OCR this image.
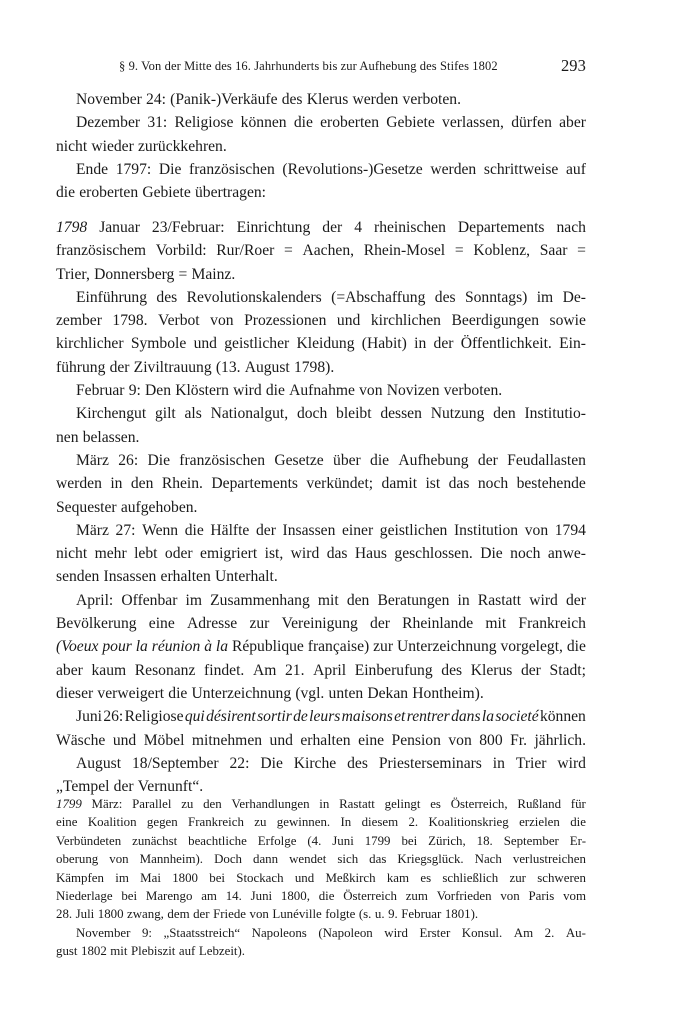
§ 9. Von der Mitte des 16. Jahrhunderts bis zur Aufhebung des Stifes 1802	293
November 24: (Panik-)Verkäufe des Klerus werden verboten.
Dezember 31: Religiose können die eroberten Gebiete verlassen, dürfen aber
nicht wieder zurückkehren.
Ende 1797: Die französischen (Revolutions-)Gesetze werden schrittweise auf
die eroberten Gebiete übertragen:
1798 Januar 23/Februar: Einrichtung der 4 rheinischen Departements nach
französischem Vorbild: Rur/Roer = Aachen, Rhein-Mosel = Koblenz, Saar =
Trier, Donnersberg = Mainz.
Einführung des Revolutionskalenders (=Abschaffung des Sonntags) im De-
zember 1798. Verbot von Prozessionen und kirchlichen Beerdigungen sowie
kirchlicher Symbole und geistlicher Kleidung (Habit) in der Öffentlichkeit. Ein-
führung der Ziviltrauung (13. August 1798).
Februar 9: Den Klöstern wird die Aufnahme von Novizen verboten.
Kirchengut gilt als Nationalgut, doch bleibt dessen Nutzung den Institutio-
nen belassen.
März 26: Die französischen Gesetze über die Aufhebung der Feudallasten
werden in den Rhein. Departements verkündet; damit ist das noch bestehende
Sequester aufgehoben.
März 27: Wenn die Hälfte der Insassen einer geistlichen Institution von 1794
nicht mehr lebt oder emigriert ist, wird das Haus geschlossen. Die noch anwe-
senden Insassen erhalten Unterhalt.
April: Offenbar im Zusammenhang mit den Beratungen in Rastatt wird der
Bevölkerung eine Adresse zur Vereinigung der Rheinlande mit Frankreich
(Voeux pour la réunion à la République française) zur Unterzeichnung vorgelegt, die
aber kaum Resonanz findet. Am 21. April Einberufung des Klerus der Stadt;
dieser verweigert die Unterzeichnung (vgl. unten Dekan Hontheim).
Juni 26: Religiose qui désirent sortir de leurs maisons et rentrer dans la societé können
Wäsche und Möbel mitnehmen und erhalten eine Pension von 800 Fr. jährlich.
August 18/September 22: Die Kirche des Priesterseminars in Trier wird
„Tempel der Vernunft“.
1799 März: Parallel zu den Verhandlungen in Rastatt gelingt es Österreich, Rußland für
eine Koalition gegen Frankreich zu gewinnen. In diesem 2. Koalitionskrieg erzielen die
Verbündeten zunächst beachtliche Erfolge (4. Juni 1799 bei Zürich, 18. September Er-
oberung von Mannheim). Doch dann wendet sich das Kriegsglück. Nach verlustreichen
Kämpfen im Mai 1800 bei Stockach und Meßkirch kam es schließlich zur schweren
Niederlage bei Marengo am 14. Juni 1800, die Österreich zum Vorfrieden von Paris vom
28. Juli 1800 zwang, dem der Friede von Lunéville folgte (s. u. 9. Februar 1801).
November 9: „Staatsstreich“ Napoleons (Napoleon wird Erster Konsul. Am 2. Au-
gust 1802 mit Plebiszit auf Lebzeit).
